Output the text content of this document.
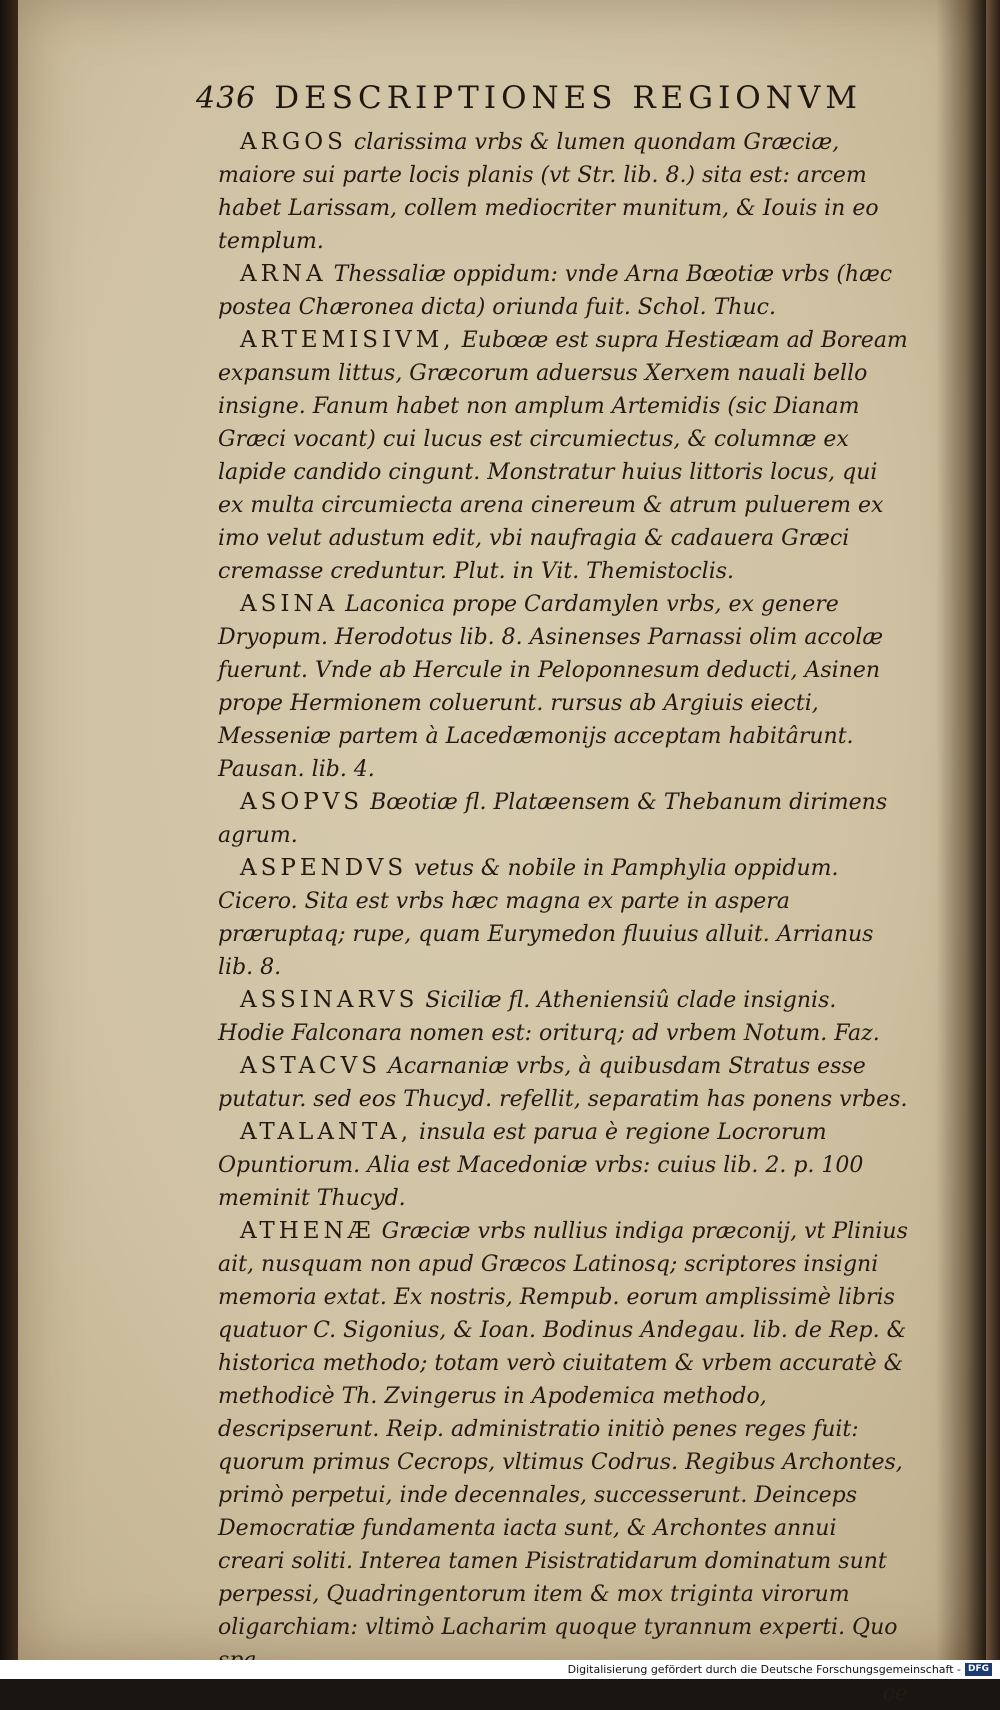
436 DESCRIPTIONES REGIONVM

ARGOS clarissima vrbs & lumen quondam Græciæ, maiore sui parte locis planis (vt Str. lib. 8.) sita est: arcem habet Larissam, collem mediocriter munitum, & Iouis in eo templum.

ARNA Thessaliæ oppidum: vnde Arna Bœotiæ vrbs (hæc postea Chæronea dicta) oriunda fuit. Schol. Thuc.

ARTEMISIVM, Eubœæ est supra Hestiæam ad Boream expansum littus, Græcorum aduersus Xerxem nauali bello insigne. Fanum habet non amplum Artemidis (sic Dianam Græci vocant) cui lucus est circumiectus, & columnæ ex lapide candido cingunt. Monstratur huius littoris locus, qui ex multa circumiecta arena cinereum & atrum puluerem ex imo velut adustum edit, vbi naufragia & cadauera Græci cremasse creduntur. Plut. in Vit. Themistoclis.

ASINA Laconica prope Cardamylen vrbs, ex genere Dryopum. Herodotus lib. 8. Asinenses Parnassi olim accolæ fuerunt. Vnde ab Hercule in Peloponnesum deducti, Asinen prope Hermionem coluerunt. rursus ab Argiuis eiecti, Messeniæ partem à Lacedæmonijs acceptam habitârunt. Pausan. lib. 4.

ASOPVS Bœotiæ fl. Platæensem & Thebanum dirimens agrum.

ASPENDVS vetus & nobile in Pamphylia oppidum. Cicero. Sita est vrbs hæc magna ex parte in aspera præruptaq; rupe, quam Eurymedon fluuius alluit. Arrianus lib. 8.

ASSINARVS Siciliæ fl. Atheniensiû clade insignis. Hodie Falconara nomen est: oriturq; ad vrbem Notum. Faz.

ASTACVS Acarnaniæ vrbs, à quibusdam Stratus esse putatur. sed eos Thucyd. refellit, separatim has ponens vrbes.

ATALANTA, insula est parua è regione Locrorum Opuntiorum. Alia est Macedoniæ vrbs: cuius lib. 2. p. 100 meminit Thucyd.

ATHENÆ Græciæ vrbs nullius indiga præconij, vt Plinius ait, nusquam non apud Græcos Latinosq; scriptores insigni memoria extat. Ex nostris, Rempub. eorum amplissimè libris quatuor C. Sigonius, & Ioan. Bodinus Andegau. lib. de Rep. & historica methodo; totam verò ciuitatem & vrbem accuratè & methodicè Th. Zvingerus in Apodemica methodo, descripserunt. Reip. administratio initiò penes reges fuit: quorum primus Cecrops, vltimus Codrus. Regibus Archontes, primò perpetui, inde decennales, successerunt. Deinceps Democratiæ fundamenta iacta sunt, & Archontes annui creari soliti. Interea tamen Pisistratidarum dominatum sunt perpessi, Quadringentorum item & mox triginta virorum oligarchiam: vltimò Lacharim quoque tyrannum experti. Quo

ce

Digitalisierung gefördert durch die Deutsche Forschungsgemeinschaft - DFG
